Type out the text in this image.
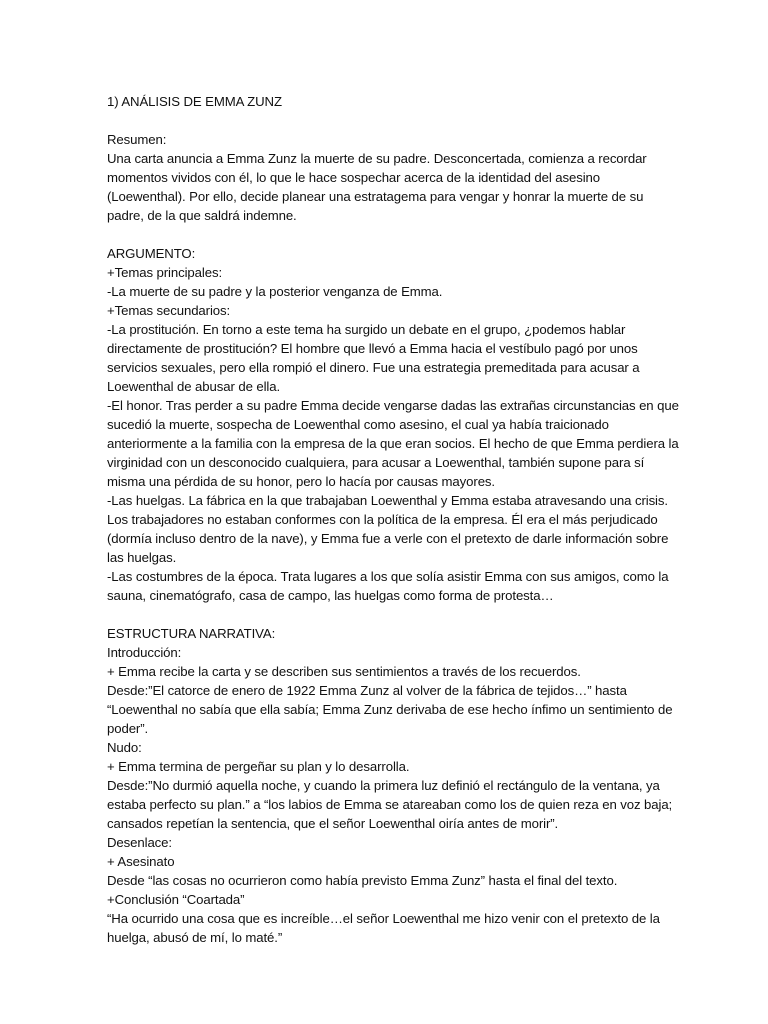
1) ANÁLISIS DE EMMA ZUNZ
Resumen:
Una carta anuncia a Emma Zunz la muerte de su padre. Desconcertada, comienza a recordar
momentos vividos con él, lo que le hace sospechar acerca de la identidad del asesino
(Loewenthal). Por ello, decide planear una estratagema para vengar y honrar la muerte de su
padre, de la que saldrá indemne.
ARGUMENTO:
+Temas principales:
-La muerte de su padre y la posterior venganza de Emma.
+Temas secundarios:
-La prostitución. En torno a este tema ha surgido un debate en el grupo, ¿podemos hablar
directamente de prostitución? El hombre que llevó a Emma hacia el vestíbulo pagó por unos
servicios sexuales, pero ella rompió el dinero. Fue una estrategia premeditada para acusar a
Loewenthal de abusar de ella.
-El honor. Tras perder a su padre Emma decide vengarse dadas las extrañas circunstancias en que
sucedió la muerte, sospecha de Loewenthal como asesino, el cual ya había traicionado
anteriormente a la familia con la empresa de la que eran socios. El hecho de que Emma perdiera la
virginidad con un desconocido cualquiera, para acusar a Loewenthal, también supone para sí
misma una pérdida de su honor, pero lo hacía por causas mayores.
-Las huelgas. La fábrica en la que trabajaban Loewenthal y Emma estaba atravesando una crisis.
Los trabajadores no estaban conformes con la política de la empresa. Él era el más perjudicado
(dormía incluso dentro de la nave), y Emma fue a verle con el pretexto de darle información sobre
las huelgas.
-Las costumbres de la época. Trata lugares a los que solía asistir Emma con sus amigos, como la
sauna, cinematógrafo, casa de campo, las huelgas como forma de protesta…
ESTRUCTURA NARRATIVA:
Introducción:
+ Emma recibe la carta y se describen sus sentimientos a través de los recuerdos.
Desde:”El catorce de enero de 1922 Emma Zunz al volver de la fábrica de tejidos…” hasta
“Loewenthal no sabía que ella sabía; Emma Zunz derivaba de ese hecho ínfimo un sentimiento de
poder”.
Nudo:
+ Emma termina de pergeñar su plan y lo desarrolla.
Desde:”No durmió aquella noche, y cuando la primera luz definió el rectángulo de la ventana, ya
estaba perfecto su plan.” a “los labios de Emma se atareaban como los de quien reza en voz baja;
cansados repetían la sentencia, que el señor Loewenthal oiría antes de morir”.
Desenlace:
+ Asesinato
Desde “las cosas no ocurrieron como había previsto Emma Zunz” hasta el final del texto.
+Conclusión “Coartada”
“Ha ocurrido una cosa que es increíble…el señor Loewenthal me hizo venir con el pretexto de la
huelga, abusó de mí, lo maté.”
